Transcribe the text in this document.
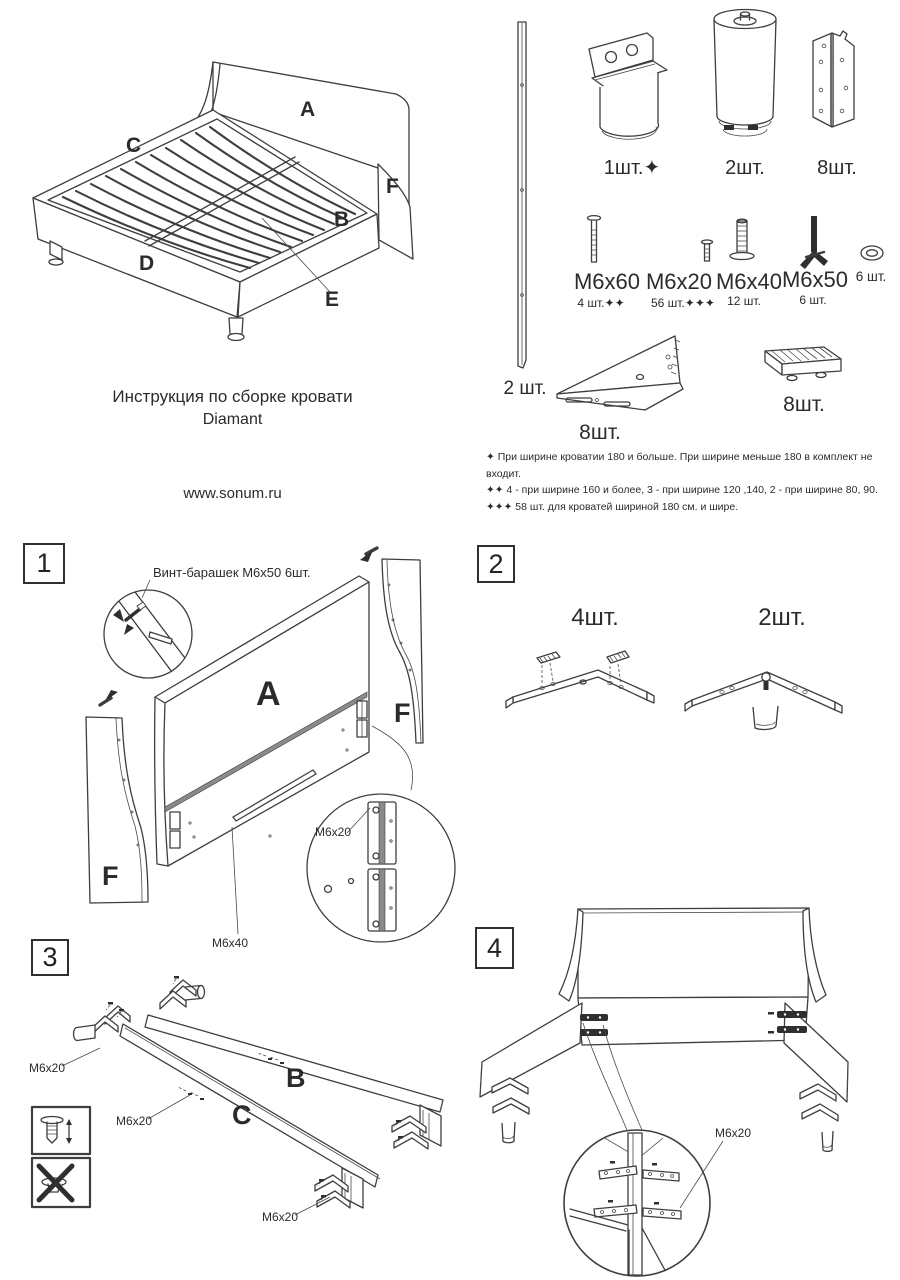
A
C
F
B
D
E
Инструкция по сборке кровати
Diamant
www.sonum.ru
2 шт.
1шт.✦	2шт.	8шт.
М6х60
4 шт.✦✦
М6х20
56 шт.✦✦✦
М6х40
12 шт.
М6х50
6 шт.
6 шт.
8шт.
8шт.
✦ При ширине кроватии 180 и больше. При ширине меньше 180 в комплект не входит.
✦✦ 4 - при ширине 160 и более, 3 - при ширине 120 ,140, 2 - при ширине 80, 90.
✦✦✦ 58 шт. для кроватей шириной 180 см. и шире.
1	Винт-барашек М6х50 6шт.
A	F
F
M6x20
M6x40
2
4шт.	2шт.
3
B
C
M6x20
M6x20
M6x20
4
M6x20
